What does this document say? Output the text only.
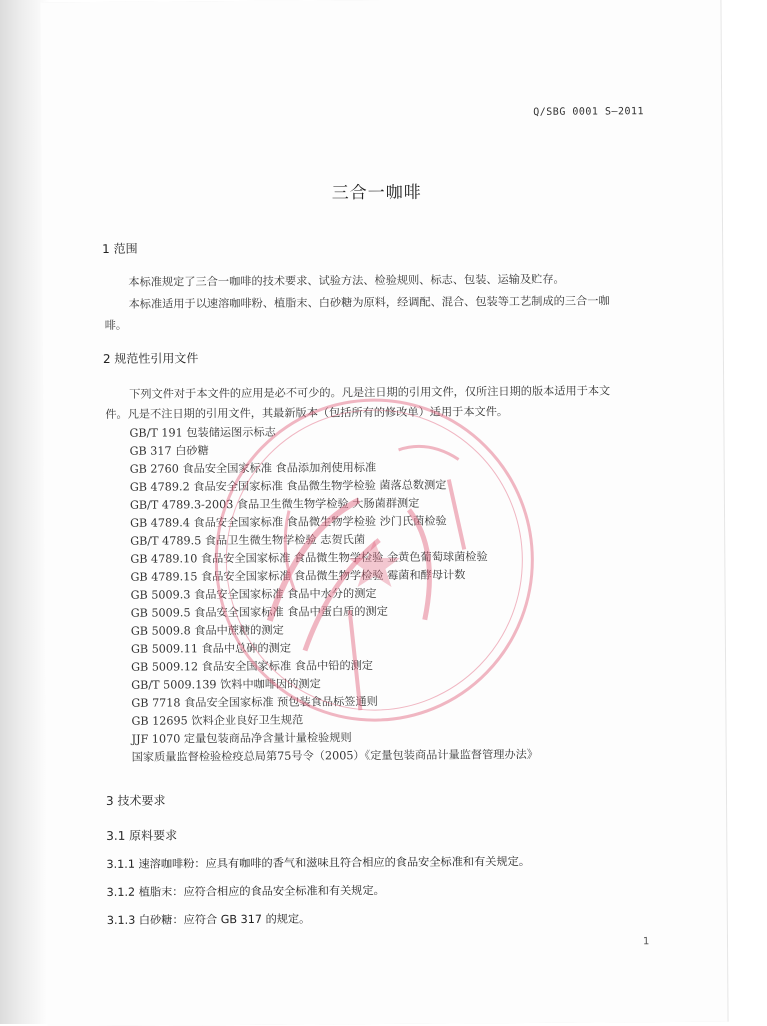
Q/SBG 0001 S—2011
三合一咖啡
1 范围
本标准规定了三合一咖啡的技术要求、试验方法、检验规则、标志、包装、运输及贮存。
本标准适用于以速溶咖啡粉、植脂末、白砂糖为原料，经调配、混合、包装等工艺制成的三合一咖
啡。
2 规范性引用文件
下列文件对于本文件的应用是必不可少的。凡是注日期的引用文件，仅所注日期的版本适用于本文
件。凡是不注日期的引用文件，其最新版本（包括所有的修改单）适用于本文件。
GB/T 191 包装储运图示标志
GB 317 白砂糖
GB 2760 食品安全国家标准 食品添加剂使用标准
GB 4789.2 食品安全国家标准 食品微生物学检验 菌落总数测定
GB/T 4789.3-2003 食品卫生微生物学检验 大肠菌群测定
GB 4789.4 食品安全国家标准 食品微生物学检验 沙门氏菌检验
GB/T 4789.5 食品卫生微生物学检验 志贺氏菌
GB 4789.10 食品安全国家标准 食品微生物学检验 金黄色葡萄球菌检验
GB 4789.15 食品安全国家标准 食品微生物学检验 霉菌和酵母计数
GB 5009.3 食品安全国家标准 食品中水分的测定
GB 5009.5 食品安全国家标准 食品中蛋白质的测定
GB 5009.8 食品中蔗糖的测定
GB 5009.11 食品中总砷的测定
GB 5009.12 食品安全国家标准 食品中铅的测定
GB/T 5009.139 饮料中咖啡因的测定
GB 7718 食品安全国家标准 预包装食品标签通则
GB 12695 饮料企业良好卫生规范
JJF 1070 定量包装商品净含量计量检验规则
国家质量监督检验检疫总局第75号令（2005）《定量包装商品计量监督管理办法》
3 技术要求
3.1 原料要求
3.1.1 速溶咖啡粉：应具有咖啡的香气和滋味且符合相应的食品安全标准和有关规定。
3.1.2 植脂末：应符合相应的食品安全标准和有关规定。
3.1.3 白砂糖：应符合 GB 317 的规定。
1
